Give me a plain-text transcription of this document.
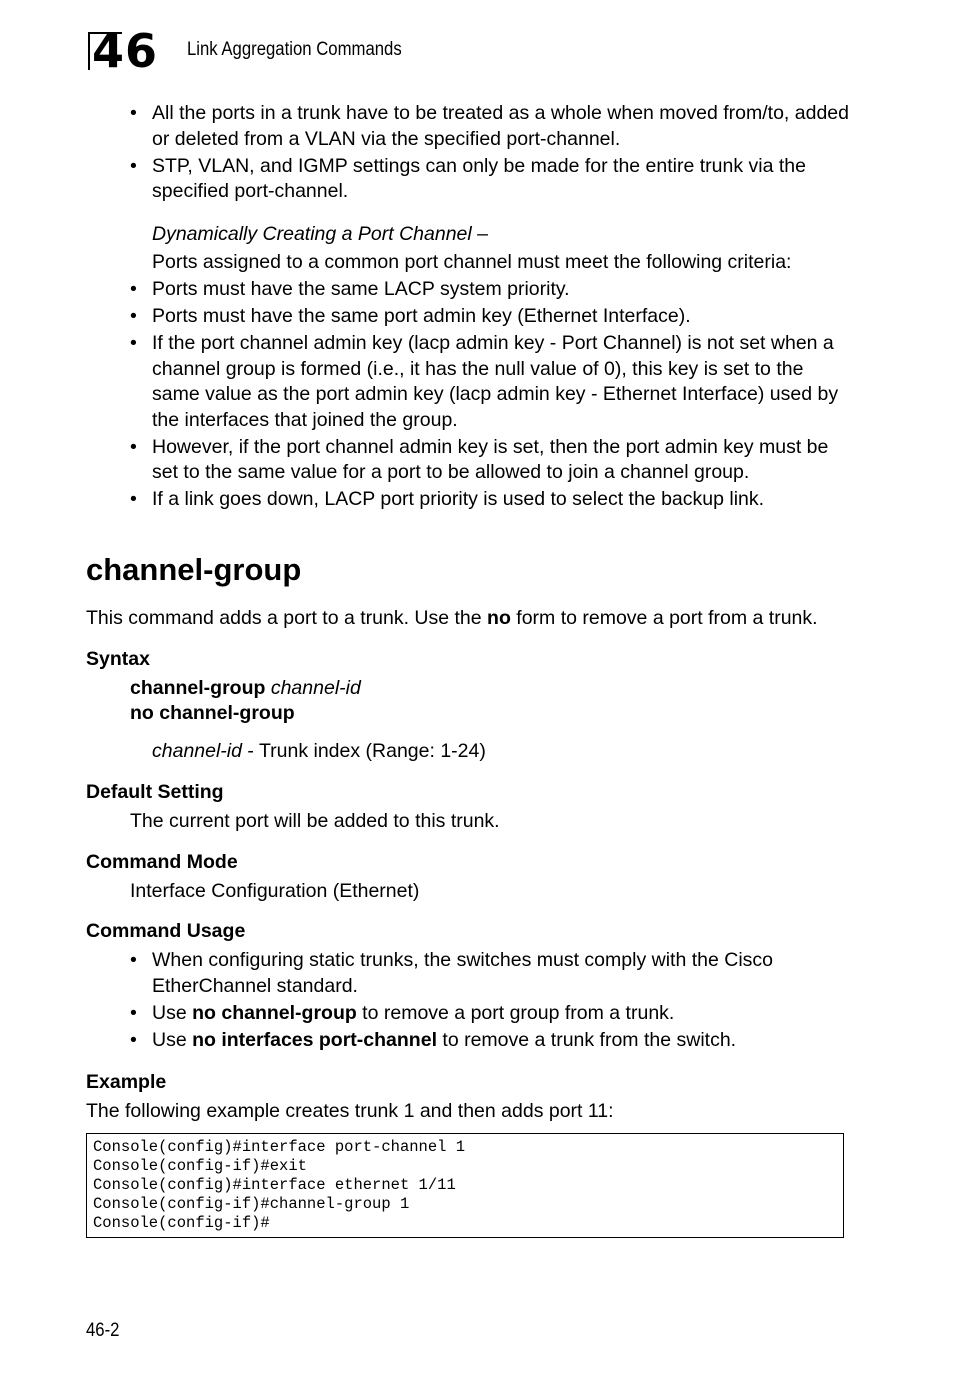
46 Link Aggregation Commands
• All the ports in a trunk have to be treated as a whole when moved from/to, added or deleted from a VLAN via the specified port-channel.
• STP, VLAN, and IGMP settings can only be made for the entire trunk via the specified port-channel.

Dynamically Creating a Port Channel –

Ports assigned to a common port channel must meet the following criteria:

• Ports must have the same LACP system priority.
• Ports must have the same port admin key (Ethernet Interface).
• If the port channel admin key (lacp admin key - Port Channel) is not set when a channel group is formed (i.e., it has the null value of 0), this key is set to the same value as the port admin key (lacp admin key - Ethernet Interface) used by the interfaces that joined the group.
• However, if the port channel admin key is set, then the port admin key must be set to the same value for a port to be allowed to join a channel group.
• If a link goes down, LACP port priority is used to select the backup link.
channel-group

This command adds a port to a trunk. Use the no form to remove a port from a trunk.

Syntax

channel-group channel-id

no channel-group

channel-id - Trunk index (Range: 1-24)

Default Setting

The current port will be added to this trunk.

Command Mode

Interface Configuration (Ethernet)

Command Usage
• When configuring static trunks, the switches must comply with the Cisco EtherChannel standard.
• Use no channel-group to remove a port group from a trunk.
• Use no interfaces port-channel to remove a trunk from the switch.
Example

The following example creates trunk 1 and then adds port 11:

Console(config)#interface port-channel 1
Console(config-if)#exit
Console(config)#interface ethernet 1/11
Console(config-if)#channel-group 1
Console(config-if)#
46-2
